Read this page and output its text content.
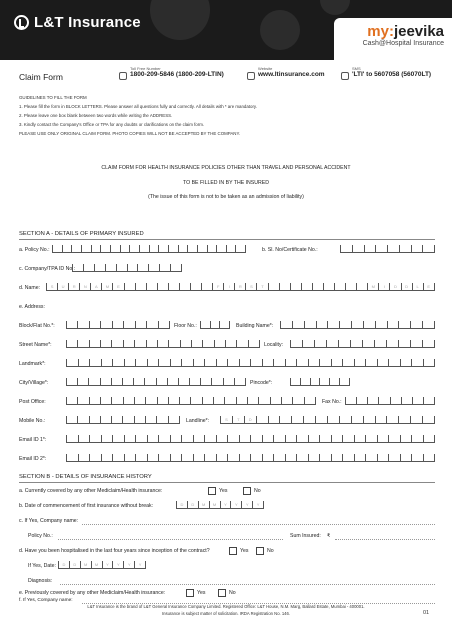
L&T Insurance
my:jeevika
Cash@Hospital Insurance
Claim Form
Toll Free Number
1800-209-5846 (1800-209-LTIN)
Website
www.ltinsurance.com
SMS
'LTI' to 5607058 (56070LT)
GUIDELINES TO FILL THE FORM
1. Please fill the form in BLOCK LETTERS. Please answer all questions fully and correctly. All details with * are mandatory.
2. Please leave one box blank between two words while writing the ADDRESS.
3. Kindly contact the Company's Office or TPA for any doubts or clarifications on the claim form.
PLEASE USE ONLY ORIGINAL CLAIM FORM. PHOTO COPIES WILL NOT BE ACCEPTED BY THE COMPANY.
CLAIM FORM FOR HEALTH INSURANCE POLICIES OTHER THAN TRAVEL AND PERSONAL ACCIDENT
TO BE FILLED IN BY THE INSURED
(The issue of this form is not to be taken as an admission of liability)
SECTION A - DETAILS OF PRIMARY INSURED
a. Policy No.:	b. Sl. No/Certificate No.:
c. Company/TPA ID No :
d. Name:	S	U	R	N	A	M	E	F	I	R	S	T	M	I	D	D	L	E
e. Address:
Block/Flat No.*:	Floor No.:	Building Name*:
Street Name*:	Locality:
Landmark*:
City/Village*:	Pincode*:
Post Office:	Fax No.:
Mobile No.:	Landline*:	S	T	D
Email ID 1*:
Email ID 2*:
SECTION B - DETAILS OF INSURANCE HISTORY
a. Currently covered by any other Mediclaim/Health insurance:	Yes	No
b. Date of commencement of first insurance without break:	D	D	M	M	Y	Y	Y	Y
c. If Yes, Company name:
Policy No.:	Sum Insured: ₹
d. Have you been hospitalised in the last four years since inception of the contract?	Yes	No
If Yes, Date:	D	D	M	M	Y	Y	Y	Y
Diagnosis:
e. Previously covered by any other Mediclaim/Health insurance:	Yes	No
f. If Yes, Company name:
L&T Insurance is the brand of L&T General Insurance Company Limited. Registered Office: L&T House, N.M. Marg, Ballard Estate, Mumbai - 400001.
Insurance is subject matter of solicitation. IRDA Registration No. 146.	01
